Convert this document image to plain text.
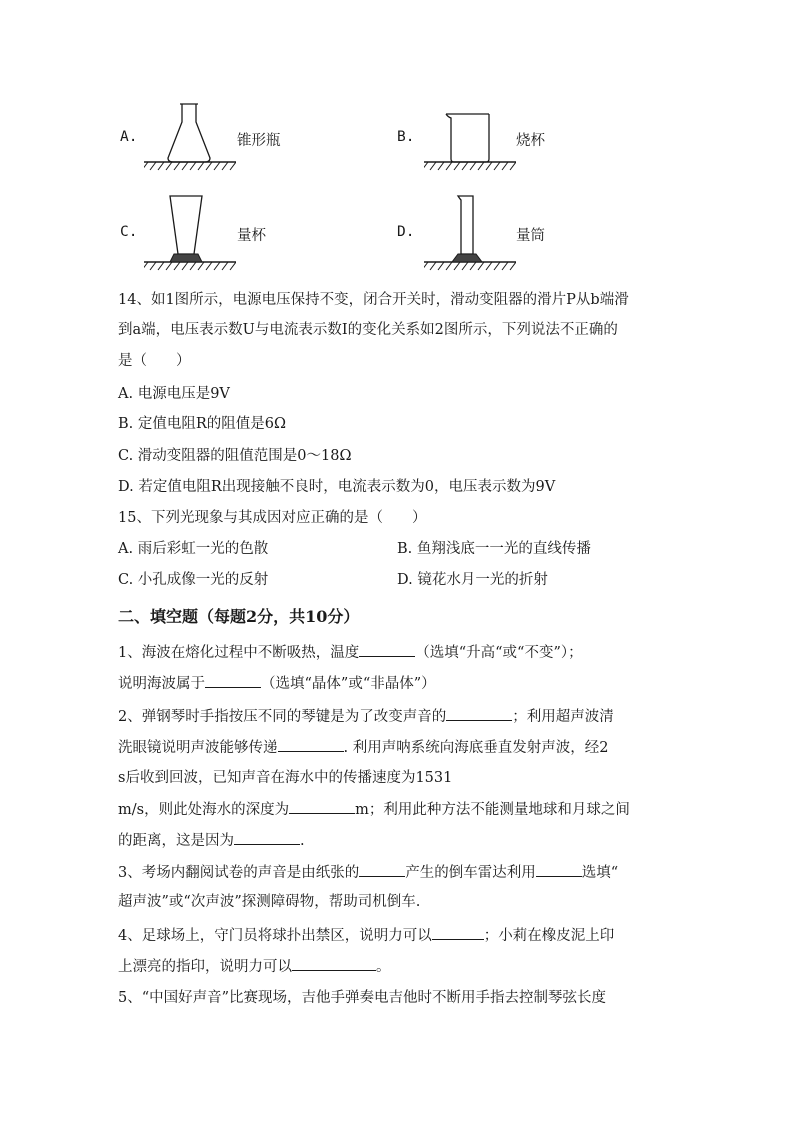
A.	锥形瓶	B.	烧杯
C.	量杯	D.	量筒
14、如1图所示，电源电压保持不变，闭合开关时，滑动变阻器的滑片P从b端滑
到a端，电压表示数U与电流表示数I的变化关系如2图所示，下列说法不正确的
是（　　）
A. 电源电压是9V
B. 定值电阻R的阻值是6Ω
C. 滑动变阻器的阻值范围是0～18Ω
D. 若定值电阻R出现接触不良时，电流表示数为0，电压表示数为9V
15、下列光现象与其成因对应正确的是（　　）
A. 雨后彩虹一光的色散	B. 鱼翔浅底一一光的直线传播
C. 小孔成像一光的反射	D. 镜花水月一光的折射
二、填空题（每题2分，共10分）
1、海波在熔化过程中不断吸热，温度	（选填“升高“或“不变”）；
说明海波属于	（选填“晶体”或“非晶体”）
2、弹钢琴时手指按压不同的琴键是为了改变声音的	；利用超声波清
洗眼镜说明声波能够传递	. 利用声呐系统向海底垂直发射声波，经2
s后收到回波，已知声音在海水中的传播速度为1531
m/s，则此处海水的深度为	m；利用此种方法不能测量地球和月球之间
的距离，这是因为	.
3、考场内翻阅试卷的声音是由纸张的	产生的倒车雷达利用	选填“
超声波”或“次声波”探测障碍物，帮助司机倒车.
4、足球场上，守门员将球扑出禁区，说明力可以	；小莉在橡皮泥上印
上漂亮的指印，说明力可以	。
5、“中国好声音”比赛现场，吉他手弹奏电吉他时不断用手指去控制琴弦长度
